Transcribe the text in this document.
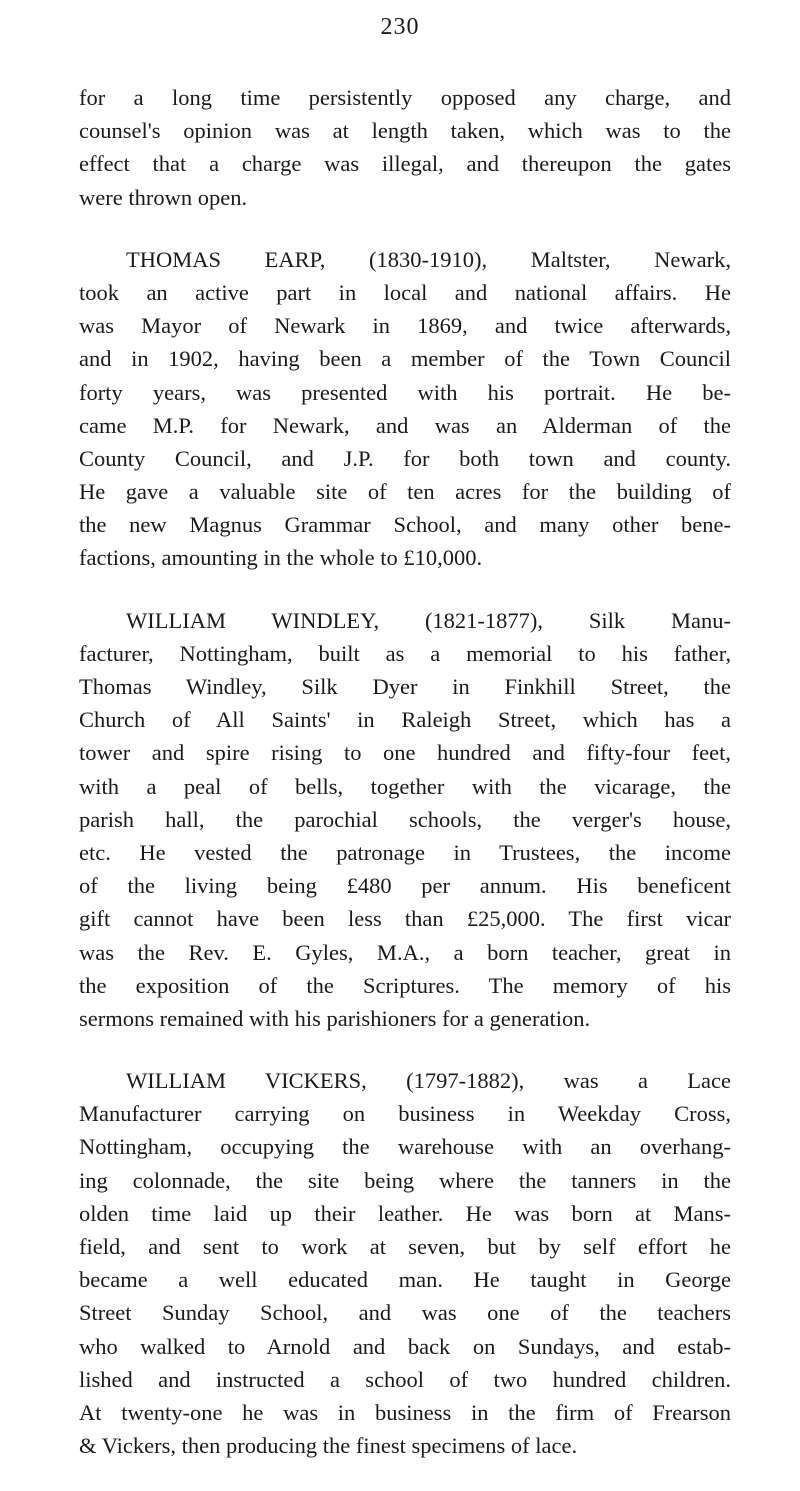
230
for a long time persistently opposed any charge, and
counsel's opinion was at length taken, which was to the
effect that a charge was illegal, and thereupon the gates
were thrown open.
THOMAS EARP, (1830-1910), Maltster, Newark,
took an active part in local and national affairs. He
was Mayor of Newark in 1869, and twice afterwards,
and in 1902, having been a member of the Town Council
forty years, was presented with his portrait. He be-
came M.P. for Newark, and was an Alderman of the
County Council, and J.P. for both town and county.
He gave a valuable site of ten acres for the building of
the new Magnus Grammar School, and many other bene-
factions, amounting in the whole to £10,000.
WILLIAM WINDLEY, (1821-1877), Silk Manu-
facturer, Nottingham, built as a memorial to his father,
Thomas Windley, Silk Dyer in Finkhill Street, the
Church of All Saints' in Raleigh Street, which has a
tower and spire rising to one hundred and fifty-four feet,
with a peal of bells, together with the vicarage, the
parish hall, the parochial schools, the verger's house,
etc. He vested the patronage in Trustees, the income
of the living being £480 per annum. His beneficent
gift cannot have been less than £25,000. The first vicar
was the Rev. E. Gyles, M.A., a born teacher, great in
the exposition of the Scriptures. The memory of his
sermons remained with his parishioners for a generation.
WILLIAM VICKERS, (1797-1882), was a Lace
Manufacturer carrying on business in Weekday Cross,
Nottingham, occupying the warehouse with an overhang-
ing colonnade, the site being where the tanners in the
olden time laid up their leather. He was born at Mans-
field, and sent to work at seven, but by self effort he
became a well educated man. He taught in George
Street Sunday School, and was one of the teachers
who walked to Arnold and back on Sundays, and estab-
lished and instructed a school of two hundred children.
At twenty-one he was in business in the firm of Frearson
& Vickers, then producing the finest specimens of lace.
